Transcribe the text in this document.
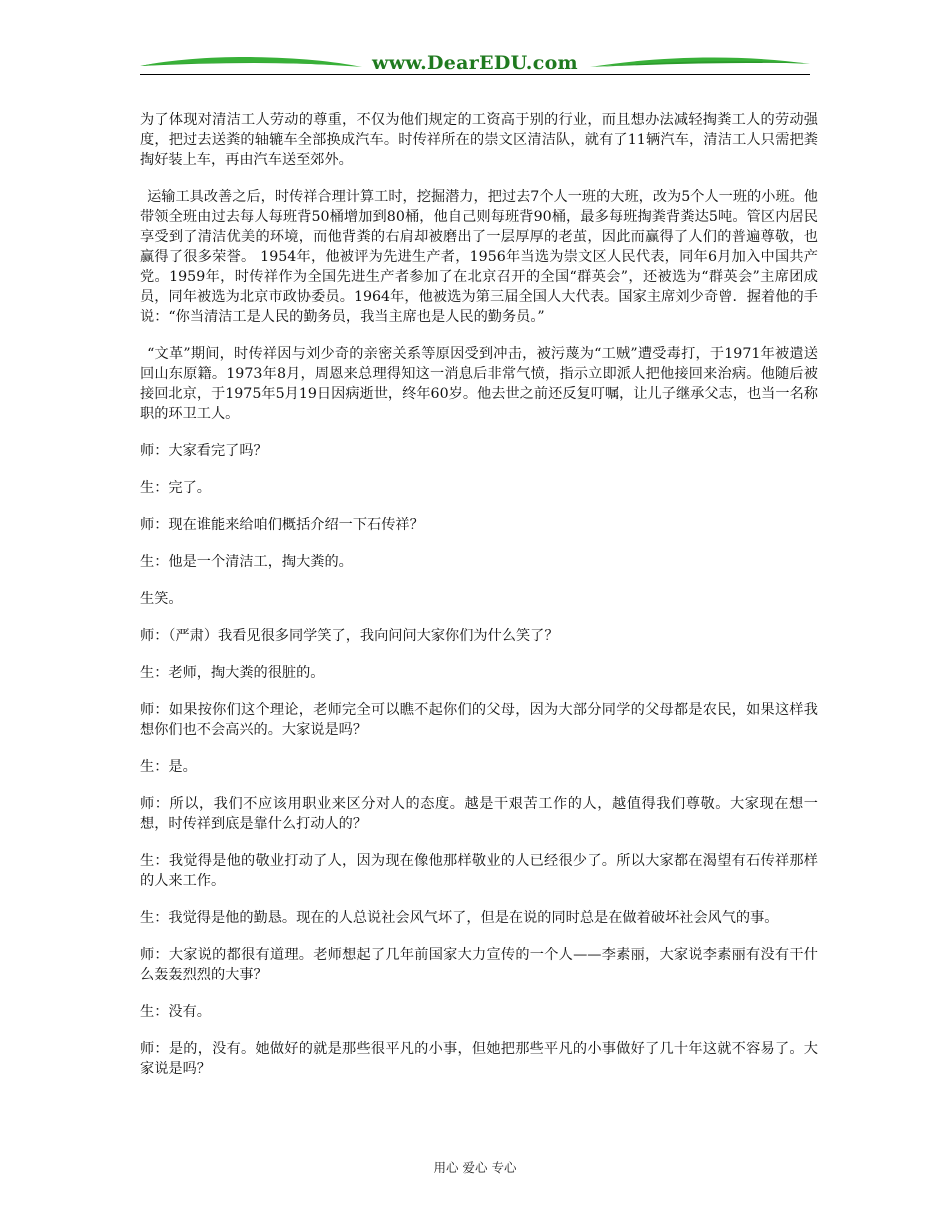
www.DearEDU.com

为了体现对清洁工人劳动的尊重，不仅为他们规定的工资高于别的行业，而且想办法减轻掏粪工人的劳动强度，把过去送粪的轴辘车全部换成汽车。时传祥所在的崇文区清洁队，就有了11辆汽车，清洁工人只需把粪掏好装上车，再由汽车送至郊外。

运输工具改善之后，时传祥合理计算工时，挖掘潜力，把过去7个人一班的大班，改为5个人一班的小班。他带领全班由过去每人每班背50桶增加到80桶，他自己则每班背90桶，最多每班掏粪背粪达5吨。管区内居民享受到了清洁优美的环境，而他背粪的右肩却被磨出了一层厚厚的老茧，因此而赢得了人们的普遍尊敬，也赢得了很多荣誉。 1954年，他被评为先进生产者，1956年当选为崇文区人民代表，同年6月加入中国共产党。1959年，时传祥作为全国先进生产者参加了在北京召开的全国“群英会”，还被选为“群英会”主席团成员，同年被选为北京市政协委员。1964年，他被选为第三届全国人大代表。国家主席刘少奇曾．握着他的手说：“你当清洁工是人民的勤务员，我当主席也是人民的勤务员。”

“文革”期间，时传祥因与刘少奇的亲密关系等原因受到冲击，被污蔑为“工贼”遭受毒打，于1971年被遣送回山东原籍。1973年8月，周恩来总理得知这一消息后非常气愤，指示立即派人把他接回来治病。他随后被接回北京，于1975年5月19日因病逝世，终年60岁。他去世之前还反复叮嘱，让儿子继承父志，也当一名称职的环卫工人。

师：大家看完了吗？

生：完了。

师：现在谁能来给咱们概括介绍一下石传祥？

生：他是一个清洁工，掏大粪的。

生笑。

师：（严肃）我看见很多同学笑了，我向问问大家你们为什么笑了？

生：老师，掏大粪的很脏的。

师：如果按你们这个理论，老师完全可以瞧不起你们的父母，因为大部分同学的父母都是农民，如果这样我想你们也不会高兴的。大家说是吗？

生：是。

师：所以，我们不应该用职业来区分对人的态度。越是干艰苦工作的人，越值得我们尊敬。大家现在想一想，时传祥到底是靠什么打动人的？

生：我觉得是他的敬业打动了人，因为现在像他那样敬业的人已经很少了。所以大家都在渴望有石传祥那样的人来工作。

生：我觉得是他的勤恳。现在的人总说社会风气坏了，但是在说的同时总是在做着破坏社会风气的事。

师：大家说的都很有道理。老师想起了几年前国家大力宣传的一个人——李素丽，大家说李素丽有没有干什么轰轰烈烈的大事？

生：没有。

师：是的，没有。她做好的就是那些很平凡的小事，但她把那些平凡的小事做好了几十年这就不容易了。大家说是吗？

用心 爱心 专心
